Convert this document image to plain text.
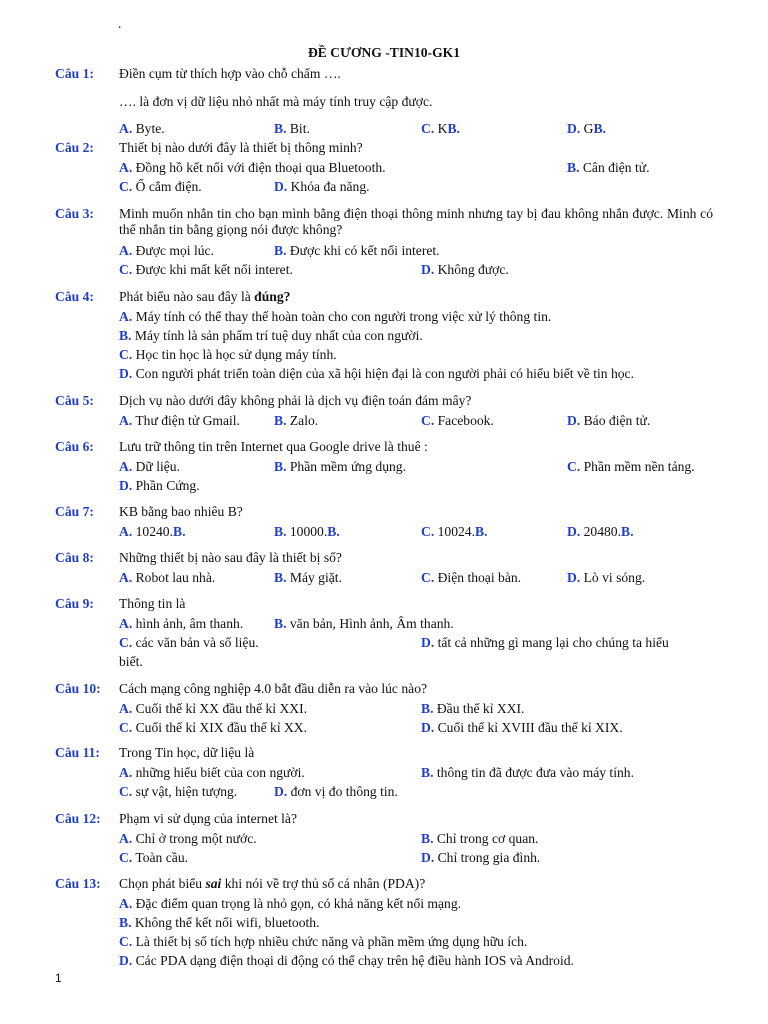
.
ĐỀ CƯƠNG -TIN10-GK1
Câu 1: Điền cụm từ thích hợp vào chỗ chấm ….
…. là đơn vị dữ liệu nhỏ nhất mà máy tính truy cập được.
A. Byte.	B. Bit.	C. KB.	D. GB.
Câu 2: Thiết bị nào dưới đây là thiết bị thông minh?
A. Đồng hồ kết nối với điện thoại qua Bluetooth.	B. Cân điện tử.
C. Ổ cắm điện.	D. Khóa đa năng.
Câu 3: Minh muốn nhắn tin cho bạn mình bằng điện thoại thông minh nhưng tay bị đau không nhắn được. Minh có thể nhắn tin bằng giọng nói được không?
A. Được mọi lúc.	B. Được khi có kết nối interet.
C. Được khi mất kết nối interet.	D. Không được.
Câu 4: Phát biểu nào sau đây là đúng?
A. Máy tính có thể thay thế hoàn toàn cho con người trong việc xử lý thông tin.
B. Máy tính là sản phẩm trí tuệ duy nhất của con người.
C. Học tin học là học sử dụng máy tính.
D. Con người phát triển toàn diện của xã hội hiện đại là con người phải có hiểu biết về tin học.
Câu 5: Dịch vụ nào dưới đây không phải là dịch vụ điện toán đám mây?
A. Thư điện tử Gmail.	B. Zalo.	C. Facebook.	D. Báo điện tử.
Câu 6: Lưu trữ thông tin trên Internet qua Google drive là thuê :
A. Dữ liệu.	B. Phần mềm ứng dụng.	C. Phần mềm nền tảng.
D. Phần Cứng.
Câu 7: KB bằng bao nhiêu B?
A. 10240.B.	B. 10000.B.	C. 10024.B.	D. 20480.B.
Câu 8: Những thiết bị nào sau đây là thiết bị số?
A. Robot lau nhà.	B. Máy giặt.	C. Điện thoại bàn.	D. Lò vi sóng.
Câu 9: Thông tin là
A. hình ảnh, âm thanh. B. văn bản, Hình ảnh, Âm thanh.
C. các văn bản và số liệu.	D. tất cả những gì mang lại cho chúng ta hiểu
biết.
Câu 10: Cách mạng công nghiệp 4.0 bắt đầu diễn ra vào lúc nào?
A. Cuối thế kỉ XX đầu thế kỉ XXI.	B. Đầu thế kỉ XXI.
C. Cuối thế kỉ XIX đầu thế kỉ XX.	D. Cuối thế kỉ XVIII đầu thế kỉ XIX.
Câu 11: Trong Tin học, dữ liệu là
A. những hiểu biết của con người.	B. thông tin đã được đưa vào máy tính.
C. sự vật, hiện tượng.	D. đơn vị đo thông tin.
Câu 12: Phạm vi sử dụng của internet là?
A. Chỉ ở trong một nước.	B. Chỉ trong cơ quan.
C. Toàn cầu.	D. Chỉ trong gia đình.
Câu 13: Chọn phát biểu sai khi nói về trợ thủ số cá nhân (PDA)?
A. Đặc điểm quan trọng là nhỏ gọn, có khả năng kết nối mạng.
B. Không thể kết nối wifi, bluetooth.
C. Là thiết bị số tích hợp nhiều chức năng và phần mềm ứng dụng hữu ích.
D. Các PDA dạng điện thoại di động có thể chạy trên hệ điều hành IOS và Android.
1
